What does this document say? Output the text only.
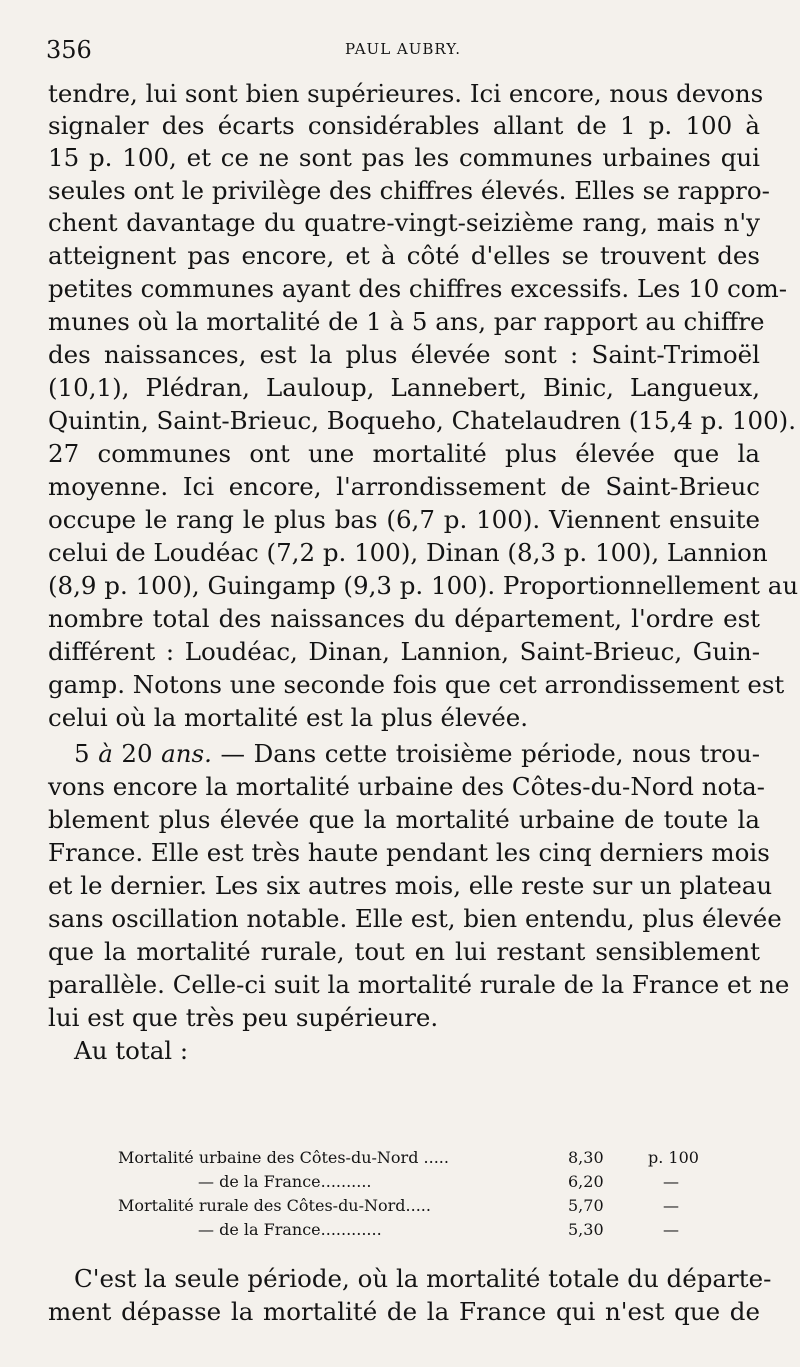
356	PAUL AUBRY.
tendre, lui sont bien supérieures. Ici encore, nous devons
signaler des écarts considérables allant de 1 p. 100 à
15 p. 100, et ce ne sont pas les communes urbaines qui
seules ont le privilège des chiffres élevés. Elles se rappro-
chent davantage du quatre-vingt-seizième rang, mais n'y
atteignent pas encore, et à côté d'elles se trouvent des
petites communes ayant des chiffres excessifs. Les 10 com-
munes où la mortalité de 1 à 5 ans, par rapport au chiffre
des naissances, est la plus élevée sont : Saint-Trimoël
(10,1), Plédran, Lauloup, Lannebert, Binic, Langueux,
Quintin, Saint-Brieuc, Boqueho, Chatelaudren (15,4 p. 100).
27 communes ont une mortalité plus élevée que la
moyenne. Ici encore, l'arrondissement de Saint-Brieuc
occupe le rang le plus bas (6,7 p. 100). Viennent ensuite
celui de Loudéac (7,2 p. 100), Dinan (8,3 p. 100), Lannion
(8,9 p. 100), Guingamp (9,3 p. 100). Proportionnellement au
nombre total des naissances du département, l'ordre est
différent : Loudéac, Dinan, Lannion, Saint-Brieuc, Guin-
gamp. Notons une seconde fois que cet arrondissement est
celui où la mortalité est la plus élevée.
5 à 20 ans. — Dans cette troisième période, nous trou-
vons encore la mortalité urbaine des Côtes-du-Nord nota-
blement plus élevée que la mortalité urbaine de toute la
France. Elle est très haute pendant les cinq derniers mois
et le dernier. Les six autres mois, elle reste sur un plateau
sans oscillation notable. Elle est, bien entendu, plus élevée
que la mortalité rurale, tout en lui restant sensiblement
parallèle. Celle-ci suit la mortalité rurale de la France et ne
lui est que très peu supérieure.
Au total :
Mortalité urbaine des Côtes-du-Nord .....	8,30	p. 100
— de la France..........	6,20	—
Mortalité rurale des Côtes-du-Nord.....	5,70	—
— de la France............	5,30	—
C'est la seule période, où la mortalité totale du départe-
ment dépasse la mortalité de la France qui n'est que de
